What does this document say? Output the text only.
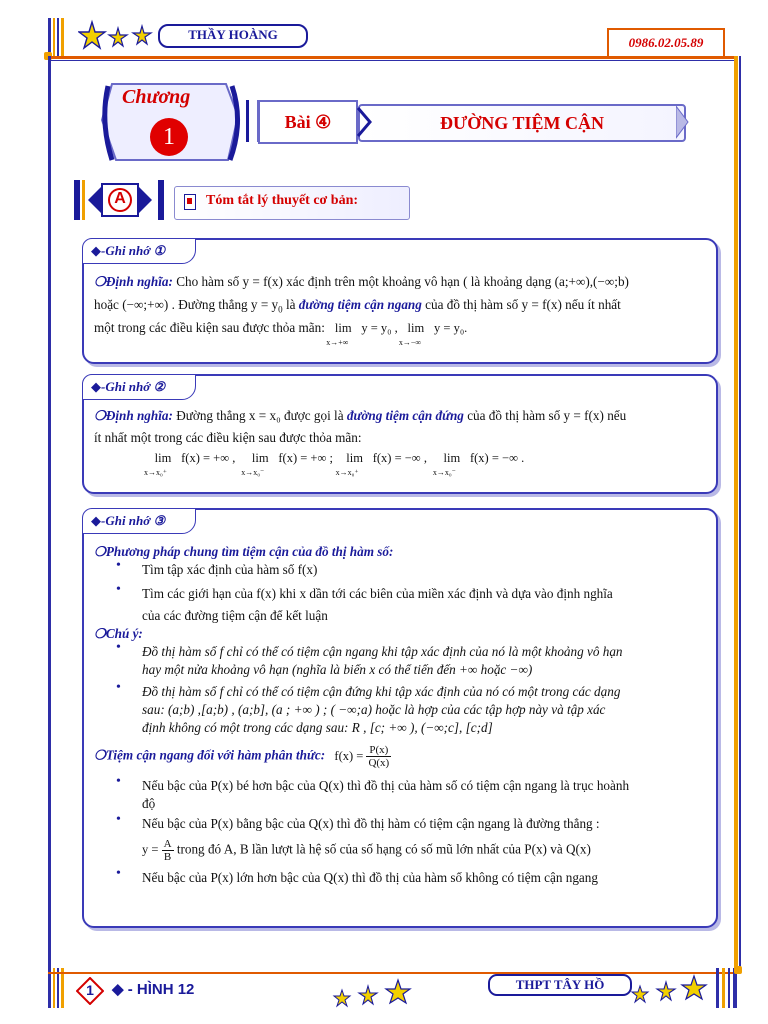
THẦY HOÀNG
0986.02.05.89
Chương
1
Bài ④	ĐƯỜNG TIỆM CẬN
A	Tóm tắt lý thuyết cơ bản:
◆-Ghi nhớ ①
❍Định nghĩa: Cho hàm số y = f(x) xác định trên một khoảng vô hạn ( là khoảng dạng (a;+∞),(−∞;b)
hoặc (−∞;+∞) . Đường thẳng $y = y_0$ là đường tiệm cận ngang của đồ thị hàm số y = f(x) nếu ít nhất
một trong các điều kiện sau được thỏa mãn: lim
x→+∞
y = y₀ , lim
x→−∞
y = y₀.
◆-Ghi nhớ ②
❍Định nghĩa: Đường thẳng x = x₀ được gọi là đường tiệm cận đứng của đồ thị hàm số y = f(x) nếu
ít nhất một trong các điều kiện sau được thỏa mãn:
lim
x→x₀⁺
f(x) = +∞ , lim
x→x₀⁻
f(x) = +∞ ; lim
x→x₀⁺
f(x) = −∞ , lim
x→x₀⁻
f(x) = −∞ .
◆-Ghi nhớ ③
❍Phương pháp chung tìm tiệm cận của đồ thị hàm số:
• Tìm tập xác định của hàm số f(x)
• Tìm các giới hạn của f(x) khi x dần tới các biên của miền xác định và dựa vào định nghĩa
của các đường tiệm cận để kết luận
❍Chú ý:
• Đồ thị hàm số f chỉ có thể có tiệm cận ngang khi tập xác định của nó là một khoảng vô hạn
hay một nửa khoảng vô hạn (nghĩa là biến x có thể tiến đến +∞ hoặc −∞)
• Đồ thị hàm số f chỉ có thể có tiệm cận đứng khi tập xác định của nó có một trong các dạng
sau: (a;b) ,[a;b) , (a;b], (a ; +∞ ) ; ( −∞;a) hoặc là hợp của các tập hợp này và tập xác
định không có một trong các dạng sau: R , [c; +∞ ), (−∞;c], [c;d]
❍Tiệm cận ngang đối với hàm phân thức: $f(x) = \frac{P(x)}{Q(x)}$
• Nếu bậc của P(x) bé hơn bậc của Q(x) thì đồ thị của hàm số có tiệm cận ngang là trục hoành
độ
• Nếu bậc của P(x) bằng bậc của Q(x) thì đồ thị hàm có tiệm cận ngang là đường thẳng :
$y = \frac{A}{B}$ trong đó A, B lần lượt là hệ số của số hạng có số mũ lớn nhất của P(x) và Q(x)
• Nếu bậc của P(x) lớn hơn bậc của Q(x) thì đồ thị của hàm số không có tiệm cận ngang
1	◆ - HÌNH 12	THPT TÂY HỒ
